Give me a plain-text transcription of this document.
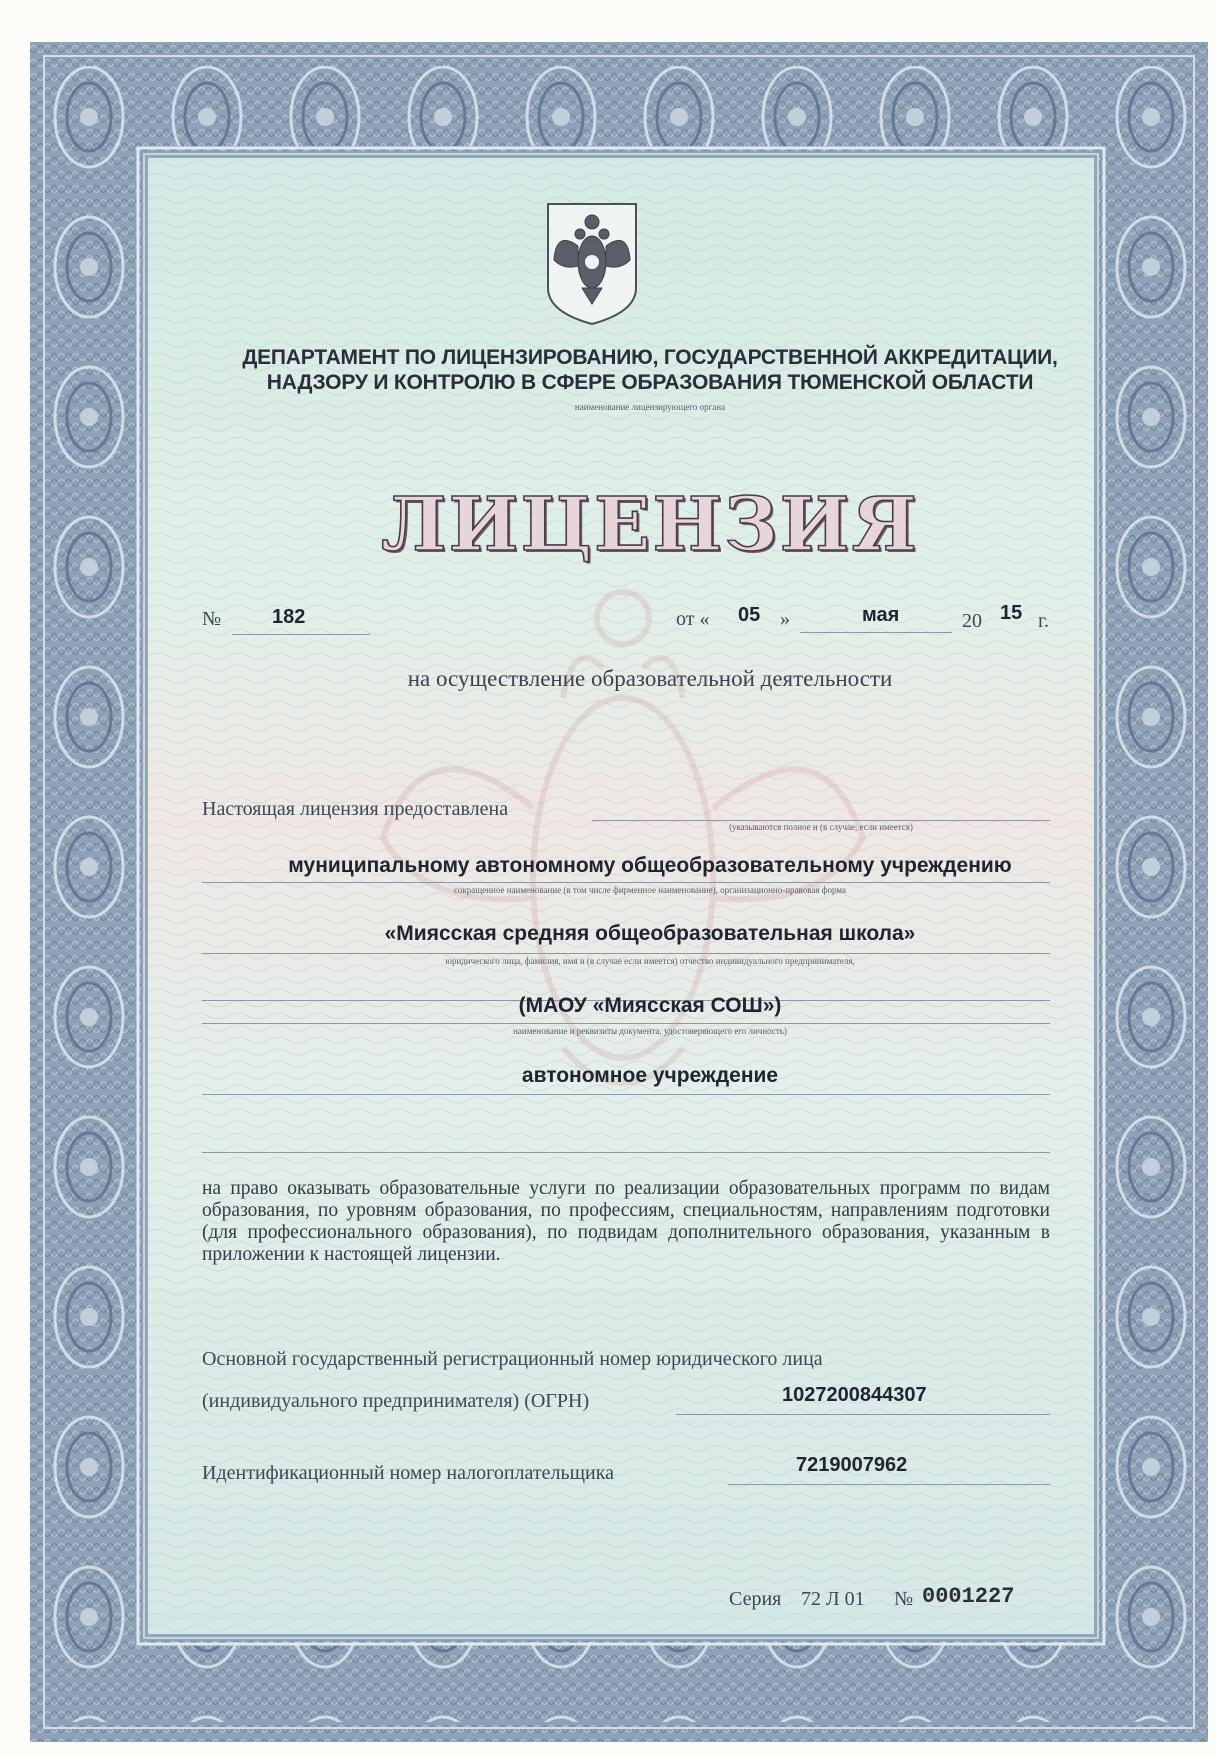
ДЕПАРТАМЕНТ ПО ЛИЦЕНЗИРОВАНИЮ, ГОСУДАРСТВЕННОЙ АККРЕДИТАЦИИ,
НАДЗОРУ И КОНТРОЛЮ В СФЕРЕ ОБРАЗОВАНИЯ ТЮМЕНСКОЙ ОБЛАСТИ
наименование лицензирующего органа
ЛИЦЕНЗИЯ
№	182	от « 05 »	мая	20 15 г.
на осуществление образовательной деятельности
Настоящая лицензия предоставлена
(указываются полное и (в случае, если имеется)
муниципальному автономному общеобразовательному учреждению
сокращенное наименование (в том числе фирменное наименование), организационно-правовая форма
«Миясская средняя общеобразовательная школа»
юридического лица, фамилия, имя и (в случае если имеется) отчество индивидуального предпринимателя,
(МАОУ «Миясская СОШ»)
наименование и реквизиты документа, удостоверяющего его личность)
автономное учреждение
на право оказывать образовательные услуги по реализации образовательных программ по видам образования, по уровням образования, по профессиям, специальностям, направлениям подготовки (для профессионального образования), по подвидам дополнительного образования, указанным в приложении к настоящей лицензии.
Основной государственный регистрационный номер юридического лица
(индивидуального предпринимателя) (ОГРН)	1027200844307
Идентификационный номер налогоплательщика	7219007962
Серия 72 Л 01 № 0001227
